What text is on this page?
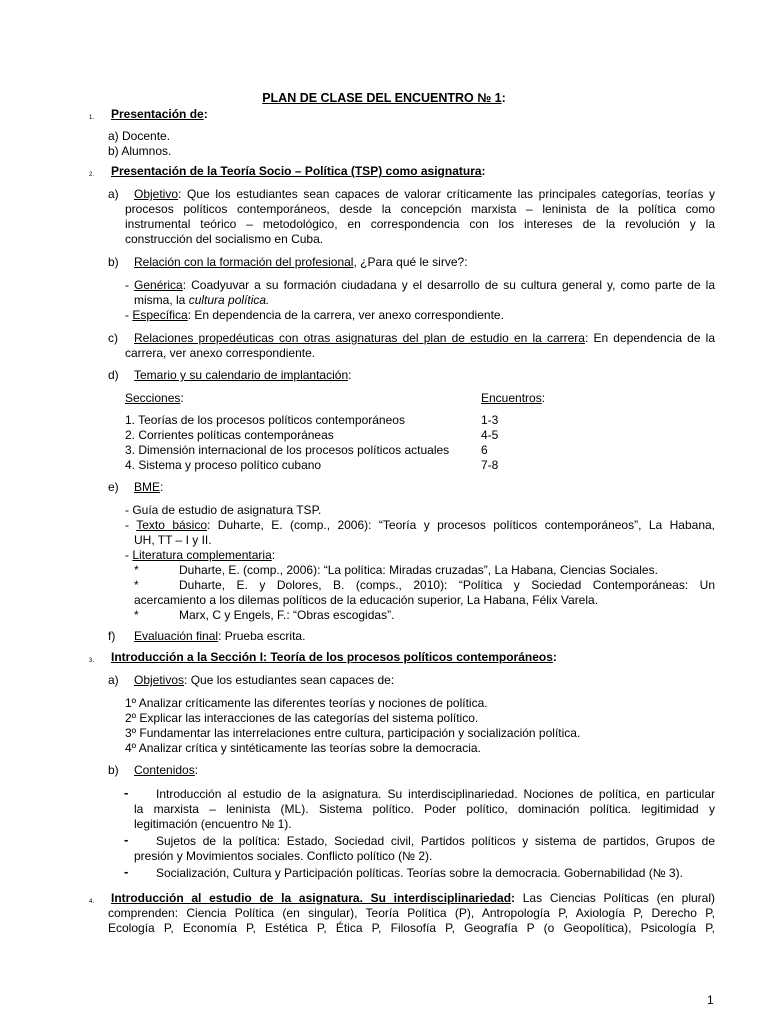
PLAN DE CLASE DEL ENCUENTRO № 1:
1. Presentación de:
a) Docente.
b) Alumnos.
2. Presentación de la Teoría Socio – Política (TSP) como asignatura:
a) Objetivo: Que los estudiantes sean capaces de valorar críticamente las principales categorías, teorías y
procesos políticos contemporáneos, desde la concepción marxista – leninista de la política como
instrumental teórico – metodológico, en correspondencia con los intereses de la revolución y la
construcción del socialismo en Cuba.
b) Relación con la formación del profesional, ¿Para qué le sirve?:
- Genérica: Coadyuvar a su formación ciudadana y el desarrollo de su cultura general y, como parte de la
misma, la cultura política.
- Específica: En dependencia de la carrera, ver anexo correspondiente.
c) Relaciones propedéuticas con otras asignaturas del plan de estudio en la carrera: En dependencia de la
carrera, ver anexo correspondiente.
d) Temario y su calendario de implantación:
Secciones:	Encuentros:
1. Teorías de los procesos políticos contemporáneos	1-3
2. Corrientes políticas contemporáneas	4-5
3. Dimensión internacional de los procesos políticos actuales	6
4. Sistema y proceso político cubano	7-8
e) BME:
- Guía de estudio de asignatura TSP.
- Texto básico: Duharte, E. (comp., 2006): “Teoría y procesos políticos contemporáneos”, La Habana,
UH, TT – I y II.
- Literatura complementaria:
*	Duharte, E. (comp., 2006): “La política: Miradas cruzadas”, La Habana, Ciencias Sociales.
*	Duharte, E. y Dolores, B. (comps., 2010): “Política y Sociedad Contemporáneas: Un
acercamiento a los dilemas políticos de la educación superior, La Habana, Félix Varela.
*	Marx, C y Engels, F.: “Obras escogidas”.
f) Evaluación final: Prueba escrita.
3. Introducción a la Sección I: Teoría de los procesos políticos contemporáneos:
a) Objetivos: Que los estudiantes sean capaces de:
1º Analizar críticamente las diferentes teorías y nociones de política.
2º Explicar las interacciones de las categorías del sistema político.
3º Fundamentar las interrelaciones entre cultura, participación y socialización política.
4º Analizar crítica y sintéticamente las teorías sobre la democracia.
b) Contenidos:
- Introducción al estudio de la asignatura. Su interdisciplinariedad. Nociones de política, en particular
la marxista – leninista (ML). Sistema político. Poder político, dominación política. legitimidad y
legitimación (encuentro № 1).
- Sujetos de la política: Estado, Sociedad civil, Partidos políticos y sistema de partidos, Grupos de
presión y Movimientos sociales. Conflicto político (№ 2).
- Socialización, Cultura y Participación políticas. Teorías sobre la democracia. Gobernabilidad (№ 3).
4. Introducción al estudio de la asignatura. Su interdisciplinariedad: Las Ciencias Políticas (en plural)
comprenden: Ciencia Política (en singular), Teoría Política (P), Antropología P, Axiología P, Derecho P,
Ecología P, Economía P, Estética P, Ética P, Filosofía P, Geografía P (o Geopolítica), Psicología P,
1
